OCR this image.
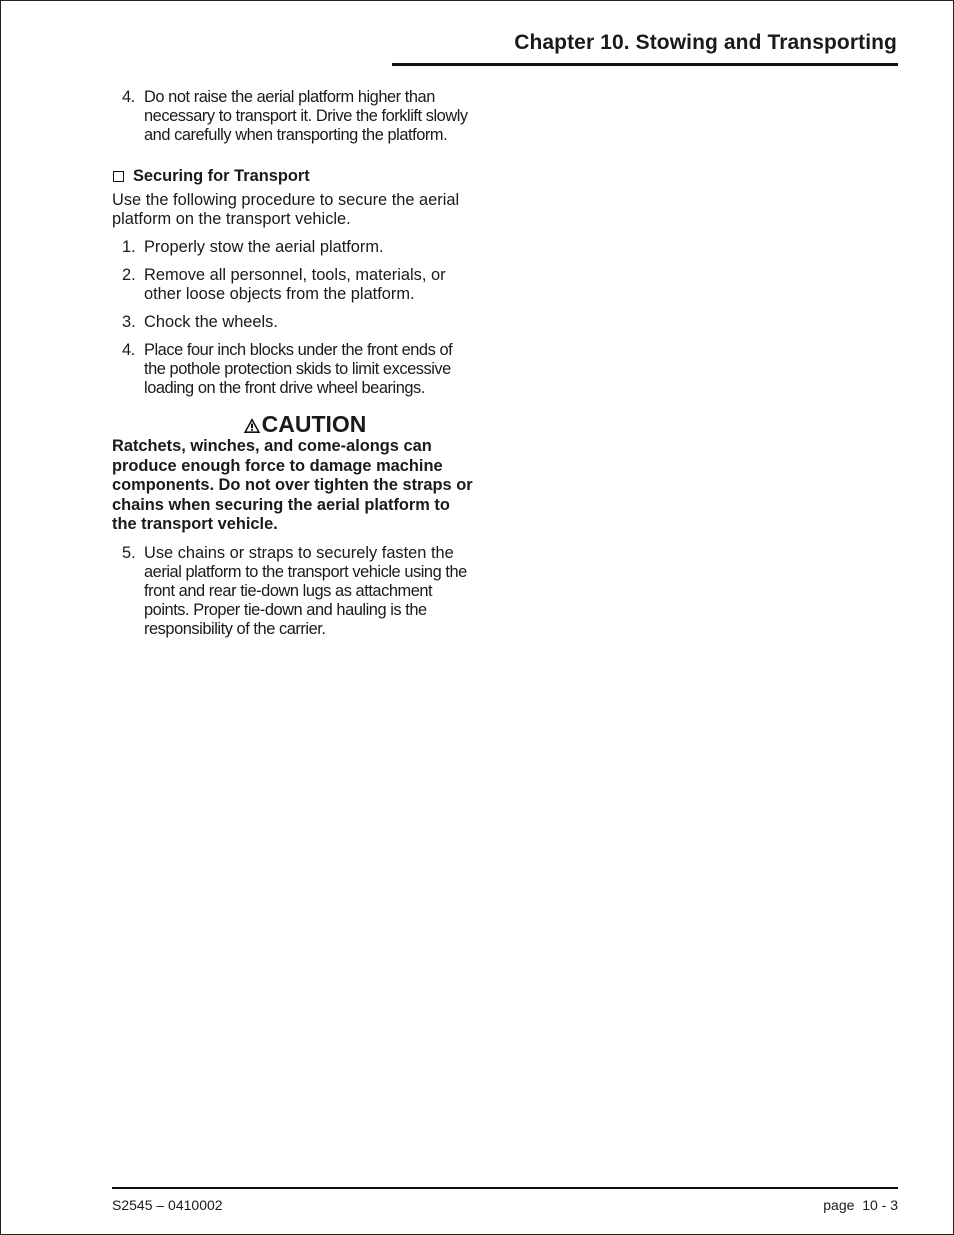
Chapter 10. Stowing and Transporting
4. Do not raise the aerial platform higher than
necessary to transport it. Drive the forklift slowly
and carefully when transporting the platform.
Securing for Transport
Use the following procedure to secure the aerial
platform on the transport vehicle.
1. Properly stow the aerial platform.
2. Remove all personnel, tools, materials, or
other loose objects from the platform.
3. Chock the wheels.
4. Place four inch blocks under the front ends of
the pothole protection skids to limit excessive
loading on the front drive wheel bearings.
CAUTION
Ratchets, winches, and come-alongs can
produce enough force to damage machine
components. Do not over tighten the straps or
chains when securing the aerial platform to
the transport vehicle.
5. Use chains or straps to securely fasten the
aerial platform to the transport vehicle using the
front and rear tie-down lugs as attachment
points. Proper tie-down and hauling is the
responsibility of the carrier.
S2545 – 0410002	page  10 - 3
